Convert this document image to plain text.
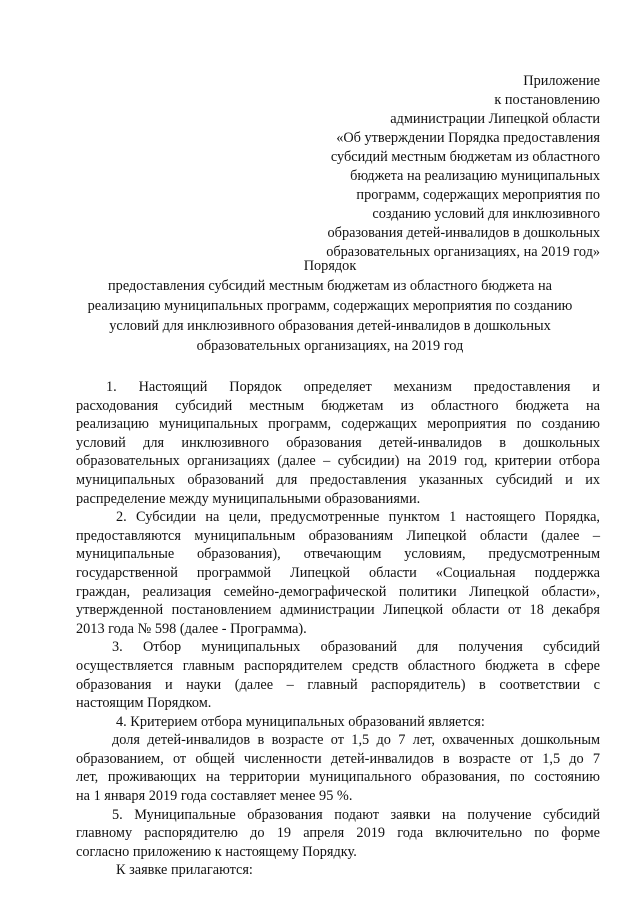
Приложение
к постановлению
администрации Липецкой области
«Об утверждении Порядка предоставления
субсидий местным бюджетам из областного
бюджета на реализацию муниципальных
программ, содержащих мероприятия по
созданию условий для инклюзивного
образования детей-инвалидов в дошкольных
образовательных организациях, на 2019 год»
Порядок
предоставления субсидий местным бюджетам из областного бюджета на
реализацию муниципальных программ, содержащих мероприятия по созданию
условий для инклюзивного образования детей-инвалидов в дошкольных
образовательных организациях, на 2019 год
1. Настоящий Порядок определяет механизм предоставления и
расходования субсидий местным бюджетам из областного бюджета на
реализацию муниципальных программ, содержащих мероприятия по созданию
условий для инклюзивного образования детей-инвалидов в дошкольных
образовательных организациях (далее – субсидии) на 2019 год, критерии отбора
муниципальных образований для предоставления указанных субсидий и их
распределение между муниципальными образованиями.
2. Субсидии на цели, предусмотренные пунктом 1 настоящего Порядка,
предоставляются муниципальным образованиям Липецкой области (далее –
муниципальные образования), отвечающим условиям, предусмотренным
государственной программой Липецкой области «Социальная поддержка
граждан, реализация семейно-демографической политики Липецкой области»,
утвержденной постановлением администрации Липецкой области от 18 декабря
2013 года № 598 (далее - Программа).
3. Отбор муниципальных образований для получения субсидий
осуществляется главным распорядителем средств областного бюджета в сфере
образования и науки (далее – главный распорядитель) в соответствии с
настоящим Порядком.
4. Критерием отбора муниципальных образований является:
доля детей-инвалидов в возрасте от 1,5 до 7 лет, охваченных дошкольным
образованием, от общей численности детей-инвалидов в возрасте от 1,5 до 7
лет, проживающих на территории муниципального образования, по состоянию
на 1 января 2019 года составляет менее 95 %.
5. Муниципальные образования подают заявки на получение субсидий
главному распорядителю до 19 апреля 2019 года включительно по форме
согласно приложению к настоящему Порядку.
К заявке прилагаются:
